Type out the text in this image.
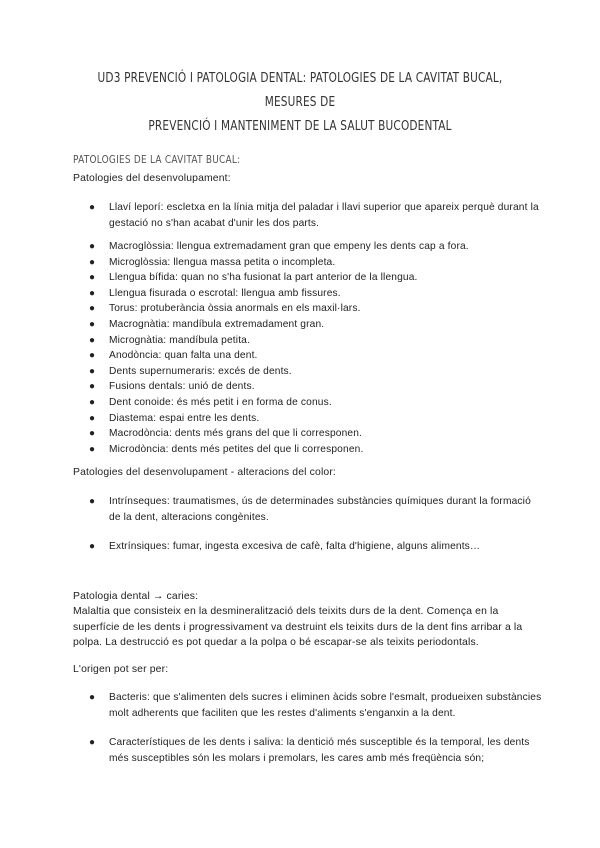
UD3 PREVENCIÓ I PATOLOGIA DENTAL: PATOLOGIES DE LA CAVITAT BUCAL, MESURES DE
PREVENCIÓ I MANTENIMENT DE LA SALUT BUCODENTAL
PATOLOGIES DE LA CAVITAT BUCAL:
Patologies del desenvolupament:
● Llaví leporí: escletxa en la línia mitja del paladar i llavi superior que apareix perquè durant la gestació no s'han acabat d'unir les dos parts.
● Macroglòssia: llengua extremadament gran que empeny les dents cap a fora.
● Microglòssia: llengua massa petita o incompleta.
● Llengua bífida: quan no s'ha fusionat la part anterior de la llengua.
● Llengua fisurada o escrotal: llengua amb fissures.
● Torus: protuberància òssia anormals en els maxil·lars.
● Macrognàtia: mandíbula extremadament gran.
● Micrognàtia: mandíbula petita.
● Anodòncia: quan falta una dent.
● Dents supernumeraris: excés de dents.
● Fusions dentals: unió de dents.
● Dent conoide: és més petit i en forma de conus.
● Diastema: espai entre les dents.
● Macrodòncia: dents més grans del que li corresponen.
● Microdòncia: dents més petites del que li corresponen.
Patologies del desenvolupament - alteracions del color:
● Intrínseques: traumatismes, ús de determinades substàncies químiques durant la formació de la dent, alteracions congènites.
● Extrínsiques: fumar, ingesta excesiva de cafè, falta d'higiene, alguns aliments…
Patologia dental → caries:
Malaltia que consisteix en la desmineralització dels teixits durs de la dent. Comença en la
superfície de les dents i progressivament va destruint els teixits durs de la dent fins arribar a la
polpa. La destrucció es pot quedar a la polpa o bé escapar-se als teixits periodontals.
L'origen pot ser per:
● Bacteris: que s'alimenten dels sucres i eliminen àcids sobre l'esmalt, produeixen substàncies molt adherents que faciliten que les restes d'aliments s'enganxin a la dent.
● Característiques de les dents i saliva: la dentició més susceptible és la temporal, les dents més susceptibles són les molars i premolars, les cares amb més freqüència són;
